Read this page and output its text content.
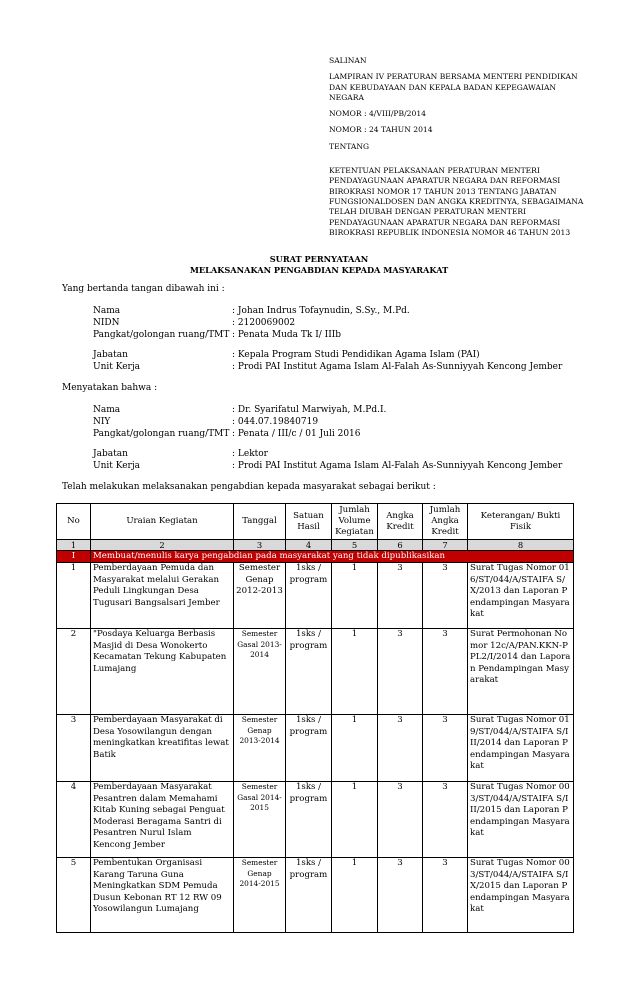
SALINAN
LAMPIRAN IV PERATURAN BERSAMA MENTERI PENDIDIKAN
DAN KEBUDAYAAN DAN KEPALA BADAN KEPEGAWAIAN
NEGARA
NOMOR : 4/VIII/PB/2014
NOMOR : 24 TAHUN 2014
TENTANG
KETENTUAN PELAKSANAAN PERATURAN MENTERI
PENDAYAGUNAAN APARATUR NEGARA DAN REFORMASI
BIROKRASI NOMOR 17 TAHUN 2013 TENTANG JABATAN
FUNGSIONALDOSEN DAN ANGKA KREDITNYA, SEBAGAIMANA
TELAH DIUBAH DENGAN PERATURAN MENTERI
PENDAYAGUNAAN APARATUR NEGARA DAN REFORMASI
BIROKRASI REPUBLIK INDONESIA NOMOR 46 TAHUN 2013
SURAT PERNYATAAN
MELAKSANAKAN PENGABDIAN KEPADA MASYARAKAT
Yang bertanda tangan dibawah ini :
Nama	: Johan Indrus Tofaynudin, S.Sy., M.Pd.
NIDN	: 2120069002
Pangkat/golongan ruang/TMT : Penata Muda Tk I/ IIIb
Jabatan	: Kepala Program Studi Pendidikan Agama Islam (PAI)
Unit Kerja	: Prodi PAI Institut Agama Islam Al-Falah As-Sunniyyah Kencong Jember
Menyatakan bahwa :
Nama	: Dr. Syarifatul Marwiyah, M.Pd.I.
NIY	: 044.07.19840719
Pangkat/golongan ruang/TMT : Penata / III/c / 01 Juli 2016
Jabatan	: Lektor
Unit Kerja	: Prodi PAI Institut Agama Islam Al-Falah As-Sunniyyah Kencong Jember
Telah melakukan melaksanakan pengabdian kepada masyarakat sebagai berikut :
No	Uraian Kegiatan	Tanggal	Satuan Hasil	Jumlah Volume Kegiatan	Angka Kredit	Jumlah Angka Kredit	Keterangan/ Bukti Fisik
1	2	3	4	5	6	7	8
I	Membuat/menulis karya pengabdian pada masyarakat yang tidak dipublikasikan						
1	Pemberdayaan Pemuda dan Masyarakat melalui Gerakan Peduli Lingkungan Desa Tugusari Bangsalsari Jember	Semester Genap 2012-2013	1sks / program	1	3	3	Surat Tugas Nomor 016/ST/044/A/STAIFA S/X/2013 dan Laporan Pendampingan Masyarakat
2	"Posdaya Keluarga Berbasis Masjid di Desa Wonokerto Kecamatan Tekung Kabupaten Lumajang	Semester Gasal 2013-2014	1sks / program	1	3	3	Surat Permohonan Nomor 12c/A/PAN.KKN-PPL2/I/2014 dan Laporan Pendampingan Masyarakat
3	Pemberdayaan Masyarakat di Desa Yosowilangun dengan meningkatkan kreatifitas lewat Batik	Semester Genap 2013-2014	1sks / program	1	3	3	Surat Tugas Nomor 019/ST/044/A/STAIFA S/III/2014 dan Laporan Pendampingan Masyarakat
4	Pemberdayaan Masyarakat Pesantren dalam Memahami Kitab Kuning sebagai Penguat Moderasi Beragama Santri di Pesantren Nurul Islam Kencong Jember	Semester Gasal 2014-2015	1sks / program	1	3	3	Surat Tugas Nomor 003/ST/044/A/STAIFA S/III/2015 dan Laporan Pendampingan Masyarakat
5	Pembentukan Organisasi Karang Taruna Guna Meningkatkan SDM Pemuda Dusun Kebonan RT 12 RW 09 Yosowilangun Lumajang	Semester Genap 2014-2015	1sks / program	1	3	3	Surat Tugas Nomor 003/ST/044/A/STAIFA S/IX/2015 dan Laporan Pendampingan Masyarakat
